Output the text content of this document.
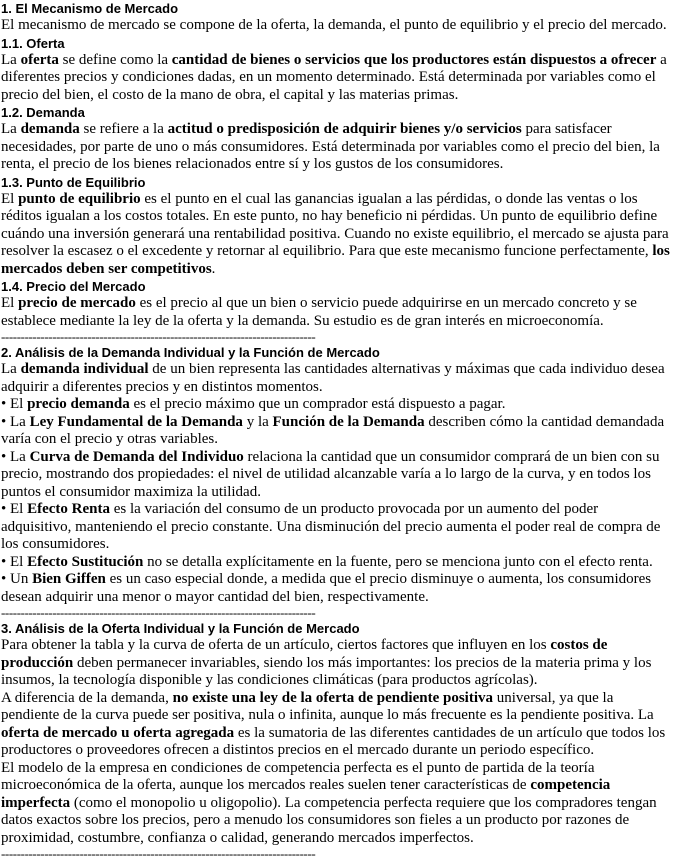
1. El Mecanismo de Mercado

El mecanismo de mercado se compone de la oferta, la demanda, el punto de equilibrio y el precio del mercado.

1.1. Oferta

La oferta se define como la cantidad de bienes o servicios que los productores están dispuestos a ofrecer a diferentes precios y condiciones dadas, en un momento determinado. Está determinada por variables como el precio del bien, el costo de la mano de obra, el capital y las materias primas.

1.2. Demanda

La demanda se refiere a la actitud o predisposición de adquirir bienes y/o servicios para satisfacer necesidades, por parte de uno o más consumidores. Está determinada por variables como el precio del bien, la renta, el precio de los bienes relacionados entre sí y los gustos de los consumidores.

1.3. Punto de Equilibrio

El punto de equilibrio es el punto en el cual las ganancias igualan a las pérdidas, o donde las ventas o los réditos igualan a los costos totales. En este punto, no hay beneficio ni pérdidas. Un punto de equilibrio define cuándo una inversión generará una rentabilidad positiva. Cuando no existe equilibrio, el mercado se ajusta para resolver la escasez o el excedente y retornar al equilibrio. Para que este mecanismo funcione perfectamente, los mercados deben ser competitivos.

1.4. Precio del Mercado

El precio de mercado es el precio al que un bien o servicio puede adquirirse en un mercado concreto y se establece mediante la ley de la oferta y la demanda. Su estudio es de gran interés en microeconomía.

--------------------------------------------------------------------------------
2. Análisis de la Demanda Individual y la Función de Mercado

La demanda individual de un bien representa las cantidades alternativas y máximas que cada individuo desea adquirir a diferentes precios y en distintos momentos.

• El precio demanda es el precio máximo que un comprador está dispuesto a pagar.

• La Ley Fundamental de la Demanda y la Función de la Demanda describen cómo la cantidad demandada varía con el precio y otras variables.

• La Curva de Demanda del Individuo relaciona la cantidad que un consumidor comprará de un bien con su precio, mostrando dos propiedades: el nivel de utilidad alcanzable varía a lo largo de la curva, y en todos los puntos el consumidor maximiza la utilidad.

• El Efecto Renta es la variación del consumo de un producto provocada por un aumento del poder adquisitivo, manteniendo el precio constante. Una disminución del precio aumenta el poder real de compra de los consumidores.

• El Efecto Sustitución no se detalla explícitamente en la fuente, pero se menciona junto con el efecto renta.

• Un Bien Giffen es un caso especial donde, a medida que el precio disminuye o aumenta, los consumidores desean adquirir una menor o mayor cantidad del bien, respectivamente.

--------------------------------------------------------------------------------
3. Análisis de la Oferta Individual y la Función de Mercado

Para obtener la tabla y la curva de oferta de un artículo, ciertos factores que influyen en los costos de producción deben permanecer invariables, siendo los más importantes: los precios de la materia prima y los insumos, la tecnología disponible y las condiciones climáticas (para productos agrícolas).

A diferencia de la demanda, no existe una ley de la oferta de pendiente positiva universal, ya que la pendiente de la curva puede ser positiva, nula o infinita, aunque lo más frecuente es la pendiente positiva. La oferta de mercado u oferta agregada es la sumatoria de las diferentes cantidades de un artículo que todos los productores o proveedores ofrecen a distintos precios en el mercado durante un periodo específico.

El modelo de la empresa en condiciones de competencia perfecta es el punto de partida de la teoría microeconómica de la oferta, aunque los mercados reales suelen tener características de competencia imperfecta (como el monopolio u oligopolio). La competencia perfecta requiere que los compradores tengan datos exactos sobre los precios, pero a menudo los consumidores son fieles a un producto por razones de proximidad, costumbre, confianza o calidad, generando mercados imperfectos.

--------------------------------------------------------------------------------
